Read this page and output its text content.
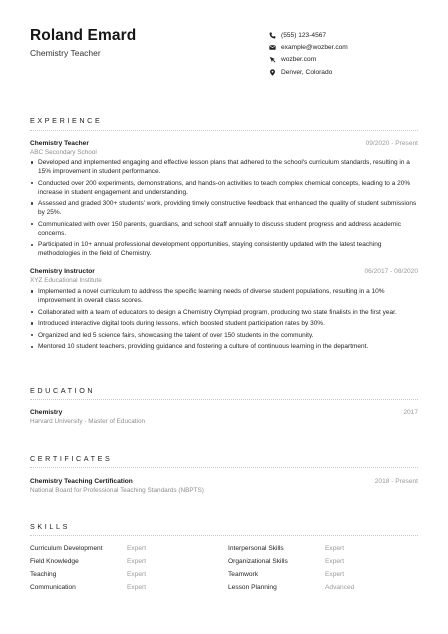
Roland Emard
Chemistry Teacher
(555) 123-4567
example@wozber.com
wozber.com
Denver, Colorado
EXPERIENCE
Chemistry Teacher	09/2020 - Present
ABC Secondary School
Developed and implemented engaging and effective lesson plans that adhered to the school's curriculum standards, resulting in a 15% improvement in student performance.
Conducted over 200 experiments, demonstrations, and hands-on activities to teach complex chemical concepts, leading to a 20% increase in student engagement and understanding.
Assessed and graded 300+ students' work, providing timely constructive feedback that enhanced the quality of student submissions by 25%.
Communicated with over 150 parents, guardians, and school staff annually to discuss student progress and address academic concerns.
Participated in 10+ annual professional development opportunities, staying consistently updated with the latest teaching methodologies in the field of Chemistry.
Chemistry Instructor	06/2017 - 08/2020
XYZ Educational Institute
Implemented a novel curriculum to address the specific learning needs of diverse student populations, resulting in a 10% improvement in overall class scores.
Collaborated with a team of educators to design a Chemistry Olympiad program, producing two state finalists in the first year.
Introduced interactive digital tools during lessons, which boosted student participation rates by 30%.
Organized and led 5 science fairs, showcasing the talent of over 150 students in the community.
Mentored 10 student teachers, providing guidance and fostering a culture of continuous learning in the department.
EDUCATION
Chemistry	2017
Harvard University - Master of Education
CERTIFICATES
Chemistry Teaching Certification	2018 - Present
National Board for Professional Teaching Standards (NBPTS)
SKILLS
Curriculum Development	Expert	Interpersonal Skills	Expert
Field Knowledge	Expert	Organizational Skills	Expert
Teaching	Expert	Teamwork	Expert
Communication	Expert	Lesson Planning	Advanced
